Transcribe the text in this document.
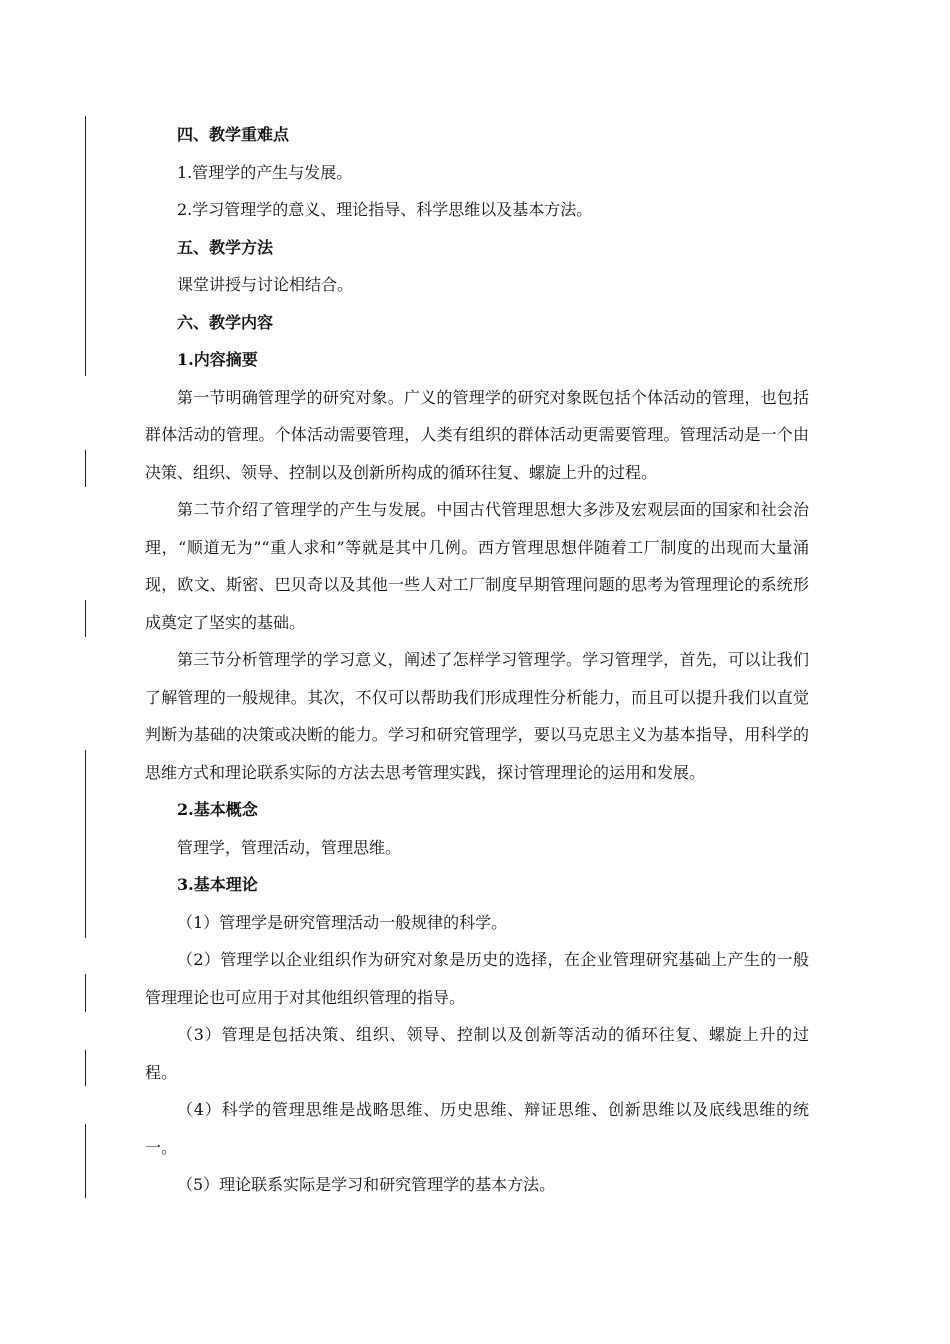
四、教学重难点

1.管理学的产生与发展。

2.学习管理学的意义、理论指导、科学思维以及基本方法。

五、教学方法

课堂讲授与讨论相结合。

六、教学内容

1.内容摘要

第一节明确管理学的研究对象。广义的管理学的研究对象既包括个体活动的管理，也包括群体活动的管理。个体活动需要管理，人类有组织的群体活动更需要管理。管理活动是一个由决策、组织、领导、控制以及创新所构成的循环往复、螺旋上升的过程。

第二节介绍了管理学的产生与发展。中国古代管理思想大多涉及宏观层面的国家和社会治理，“顺道无为”“重人求和”等就是其中几例。西方管理思想伴随着工厂制度的出现而大量涌现，欧文、斯密、巴贝奇以及其他一些人对工厂制度早期管理问题的思考为管理理论的系统形成奠定了坚实的基础。

第三节分析管理学的学习意义，阐述了怎样学习管理学。学习管理学，首先，可以让我们了解管理的一般规律。其次，不仅可以帮助我们形成理性分析能力，而且可以提升我们以直觉判断为基础的决策或决断的能力。学习和研究管理学，要以马克思主义为基本指导，用科学的思维方式和理论联系实际的方法去思考管理实践，探讨管理理论的运用和发展。

2.基本概念

管理学，管理活动，管理思维。

3.基本理论

（1）管理学是研究管理活动一般规律的科学。

（2）管理学以企业组织作为研究对象是历史的选择，在企业管理研究基础上产生的一般管理理论也可应用于对其他组织管理的指导。

（3）管理是包括决策、组织、领导、控制以及创新等活动的循环往复、螺旋上升的过程。

（4）科学的管理思维是战略思维、历史思维、辩证思维、创新思维以及底线思维的统一。

（5）理论联系实际是学习和研究管理学的基本方法。
